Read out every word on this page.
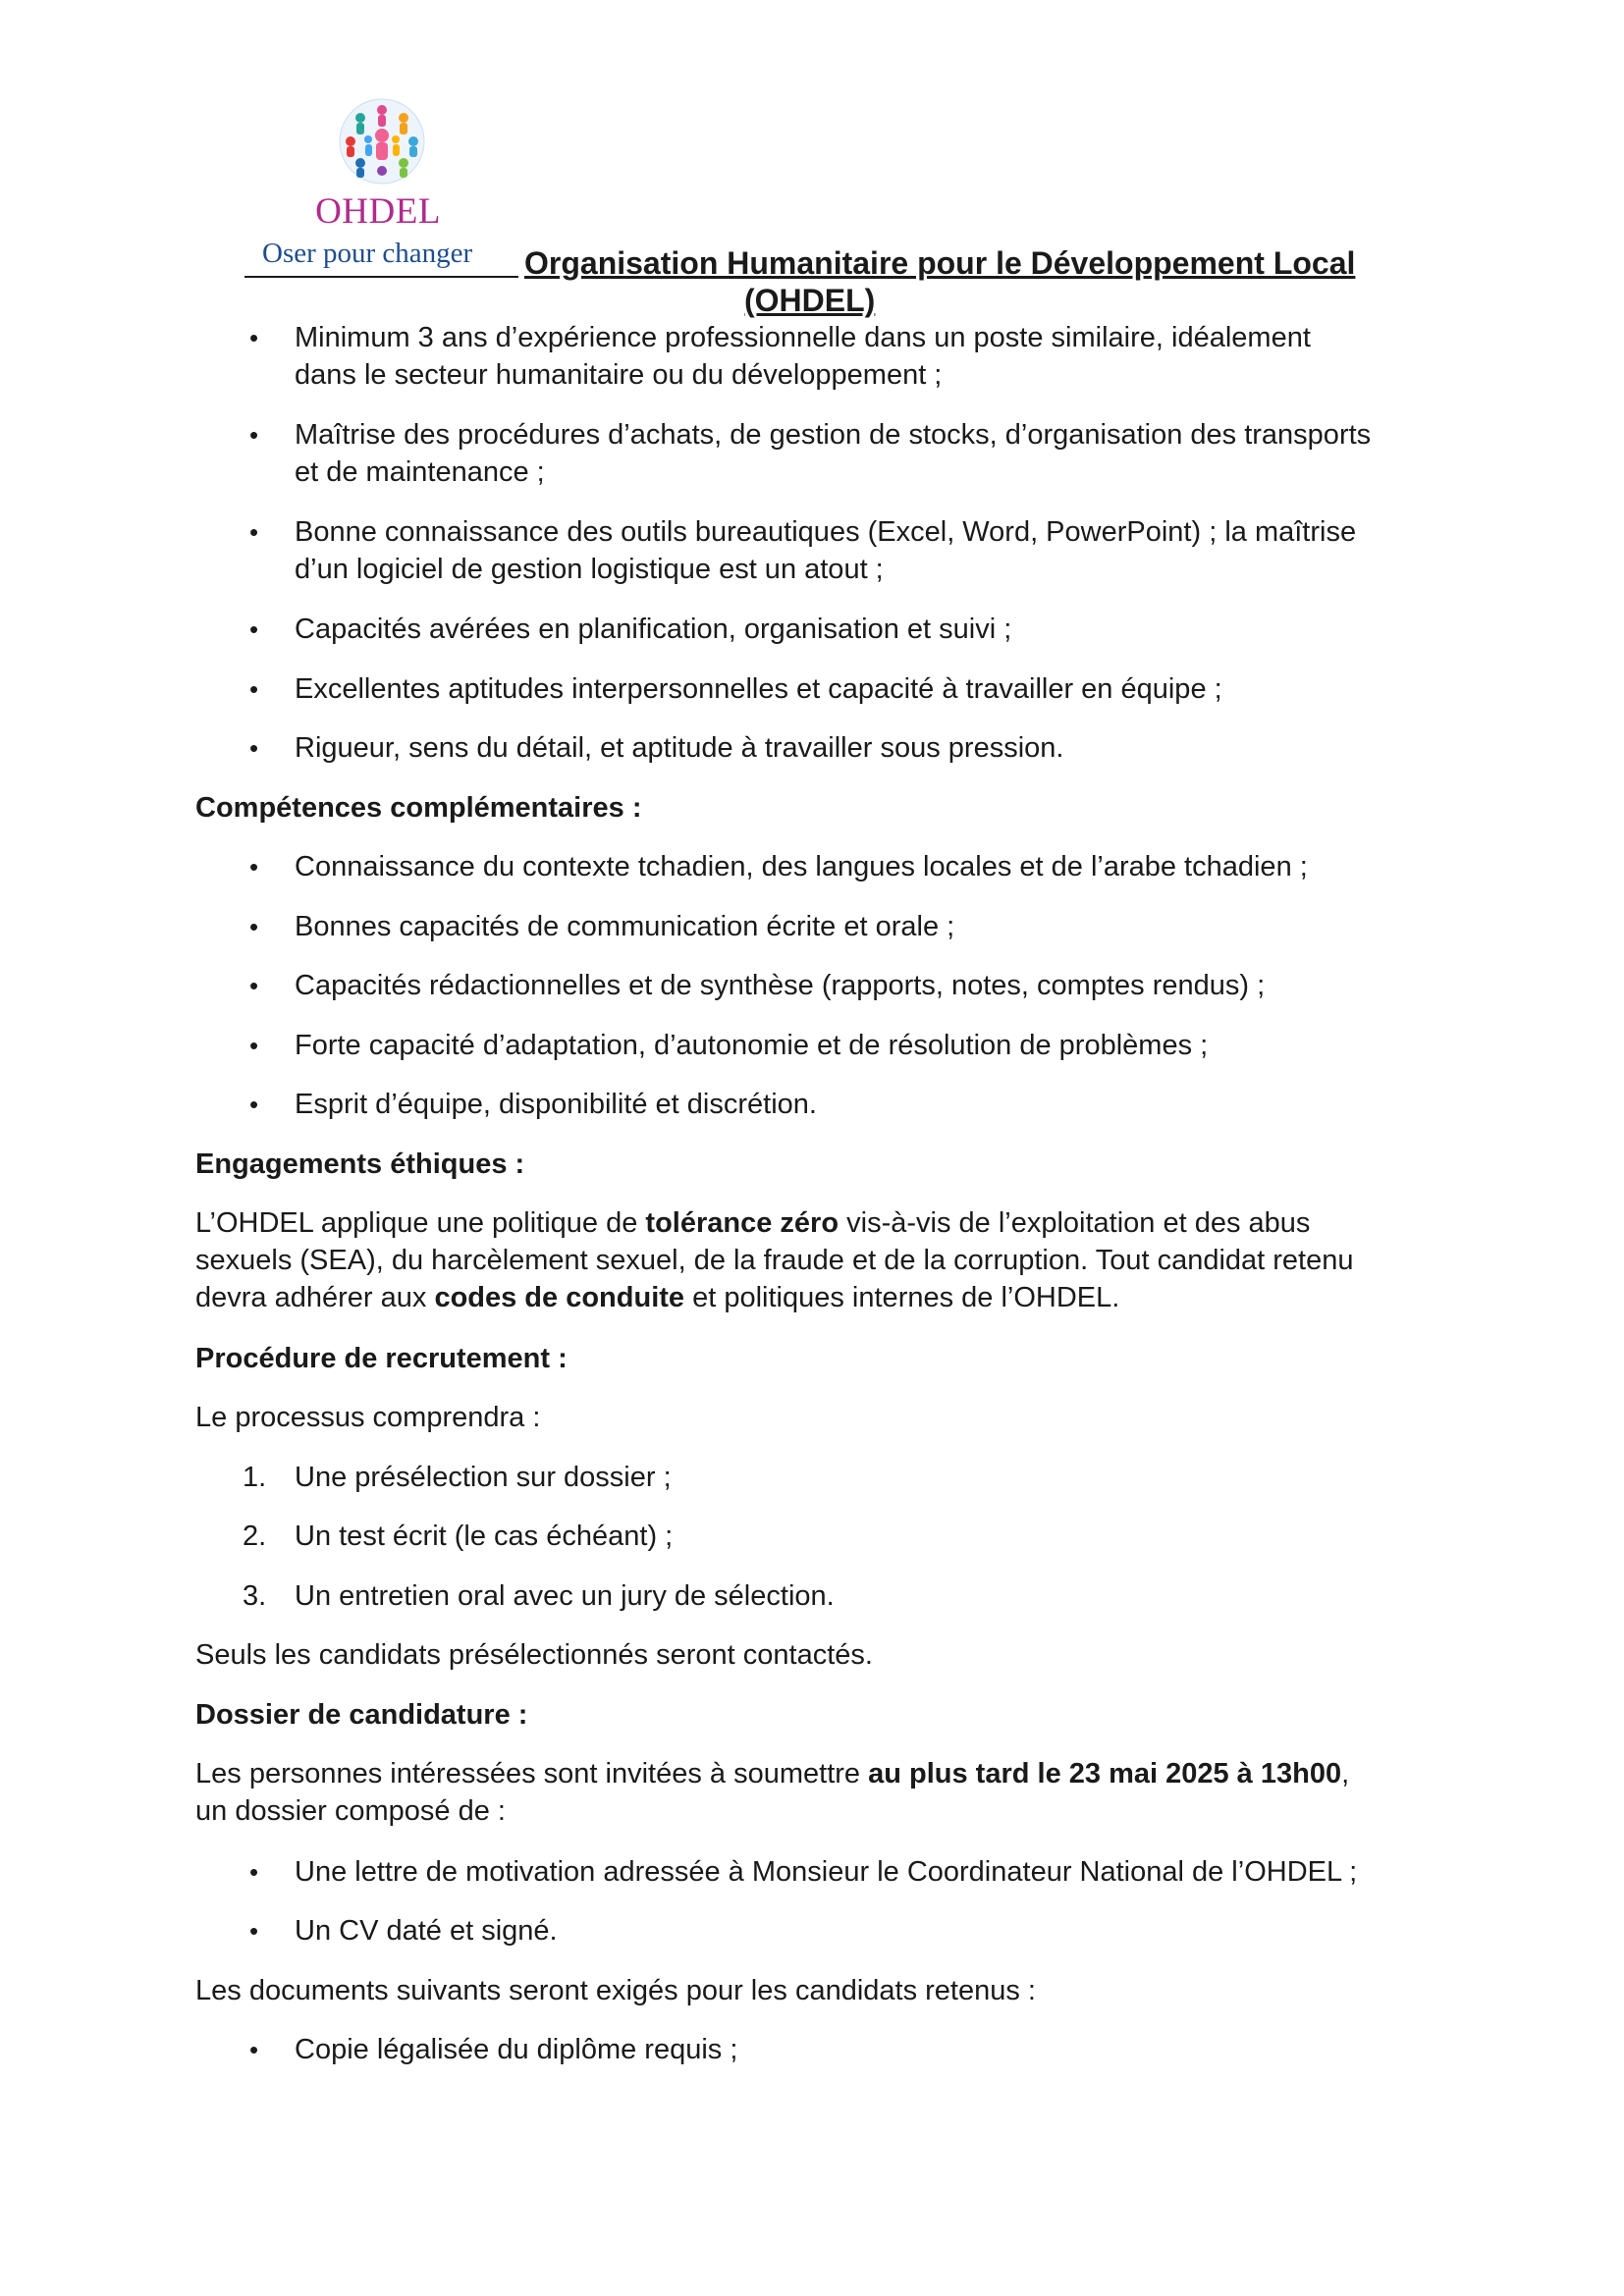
OHDEL
Oser pour changer Organisation Humanitaire pour le Développement Local
(OHDEL)
• Minimum 3 ans d’expérience professionnelle dans un poste similaire, idéalement
dans le secteur humanitaire ou du développement ;
• Maîtrise des procédures d’achats, de gestion de stocks, d’organisation des transports
et de maintenance ;
• Bonne connaissance des outils bureautiques (Excel, Word, PowerPoint) ; la maîtrise
d’un logiciel de gestion logistique est un atout ;
• Capacités avérées en planification, organisation et suivi ;
• Excellentes aptitudes interpersonnelles et capacité à travailler en équipe ;
• Rigueur, sens du détail, et aptitude à travailler sous pression.
Compétences complémentaires :
• Connaissance du contexte tchadien, des langues locales et de l’arabe tchadien ;
• Bonnes capacités de communication écrite et orale ;
• Capacités rédactionnelles et de synthèse (rapports, notes, comptes rendus) ;
• Forte capacité d’adaptation, d’autonomie et de résolution de problèmes ;
• Esprit d’équipe, disponibilité et discrétion.
Engagements éthiques :
L’OHDEL applique une politique de tolérance zéro vis-à-vis de l’exploitation et des abus
sexuels (SEA), du harcèlement sexuel, de la fraude et de la corruption. Tout candidat retenu
devra adhérer aux codes de conduite et politiques internes de l’OHDEL.
Procédure de recrutement :
Le processus comprendra :
1. Une présélection sur dossier ;
2. Un test écrit (le cas échéant) ;
3. Un entretien oral avec un jury de sélection.
Seuls les candidats présélectionnés seront contactés.
Dossier de candidature :
Les personnes intéressées sont invitées à soumettre au plus tard le 23 mai 2025 à 13h00,
un dossier composé de :
• Une lettre de motivation adressée à Monsieur le Coordinateur National de l’OHDEL ;
• Un CV daté et signé.
Les documents suivants seront exigés pour les candidats retenus :
• Copie légalisée du diplôme requis ;
